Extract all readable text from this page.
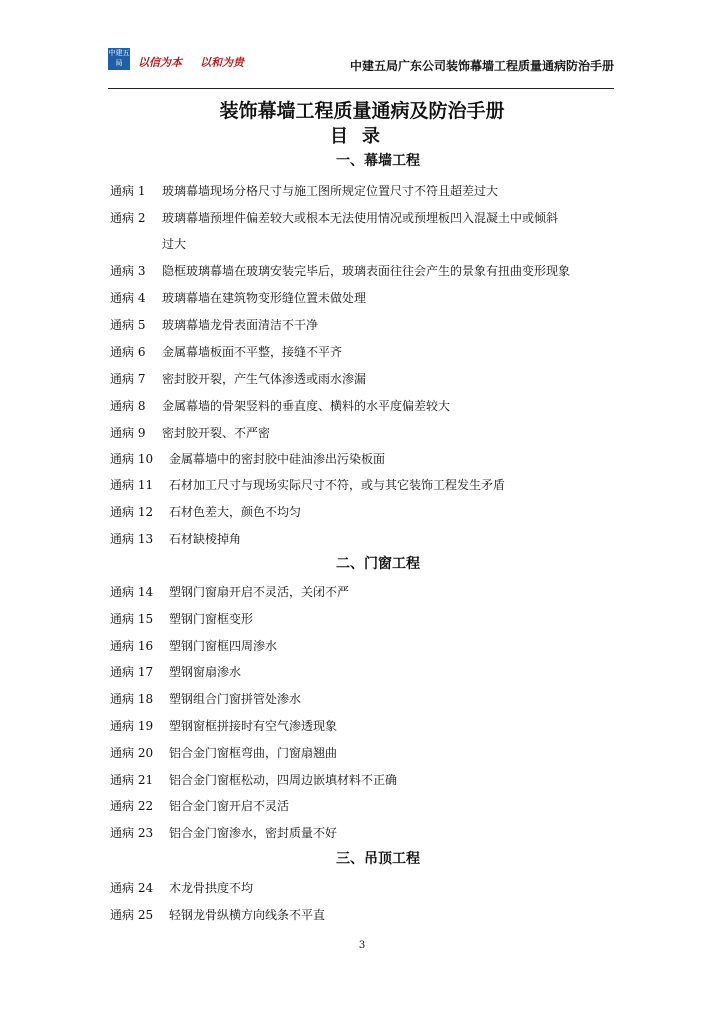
中建五局	以信为本 以和为贵	中建五局广东公司装饰幕墙工程质量通病防治手册
装饰幕墙工程质量通病及防治手册
目录
一、幕墙工程
通病 1 玻璃幕墙现场分格尺寸与施工图所规定位置尺寸不符且超差过大
通病 2 玻璃幕墙预埋件偏差较大或根本无法使用情况或预埋板凹入混凝土中或倾斜
过大
通病 3 隐框玻璃幕墙在玻璃安装完毕后，玻璃表面往往会产生的景象有扭曲变形现象
通病 4 玻璃幕墙在建筑物变形缝位置未做处理
通病 5 玻璃幕墙龙骨表面清洁不干净
通病 6 金属幕墙板面不平整，接缝不平齐
通病 7 密封胶开裂，产生气体渗透或雨水渗漏
通病 8 金属幕墙的骨架竖料的垂直度、横料的水平度偏差较大
通病 9 密封胶开裂、不严密
通病 10 金属幕墙中的密封胶中硅油渗出污染板面
通病 11 石材加工尺寸与现场实际尺寸不符，或与其它装饰工程发生矛盾
通病 12 石材色差大，颜色不均匀
通病 13 石材缺棱掉角
二、门窗工程
通病 14 塑钢门窗扇开启不灵活，关闭不严
通病 15 塑钢门窗框变形
通病 16 塑钢门窗框四周渗水
通病 17 塑钢窗扇渗水
通病 18 塑钢组合门窗拼管处渗水
通病 19 塑钢窗框拼接时有空气渗透现象
通病 20 铝合金门窗框弯曲，门窗扇翘曲
通病 21 铝合金门窗框松动，四周边嵌填材料不正确
通病 22 铝合金门窗开启不灵活
通病 23 铝合金门窗渗水，密封质量不好
三、吊顶工程
通病 24 木龙骨拱度不均
通病 25 轻钢龙骨纵横方向线条不平直
3
